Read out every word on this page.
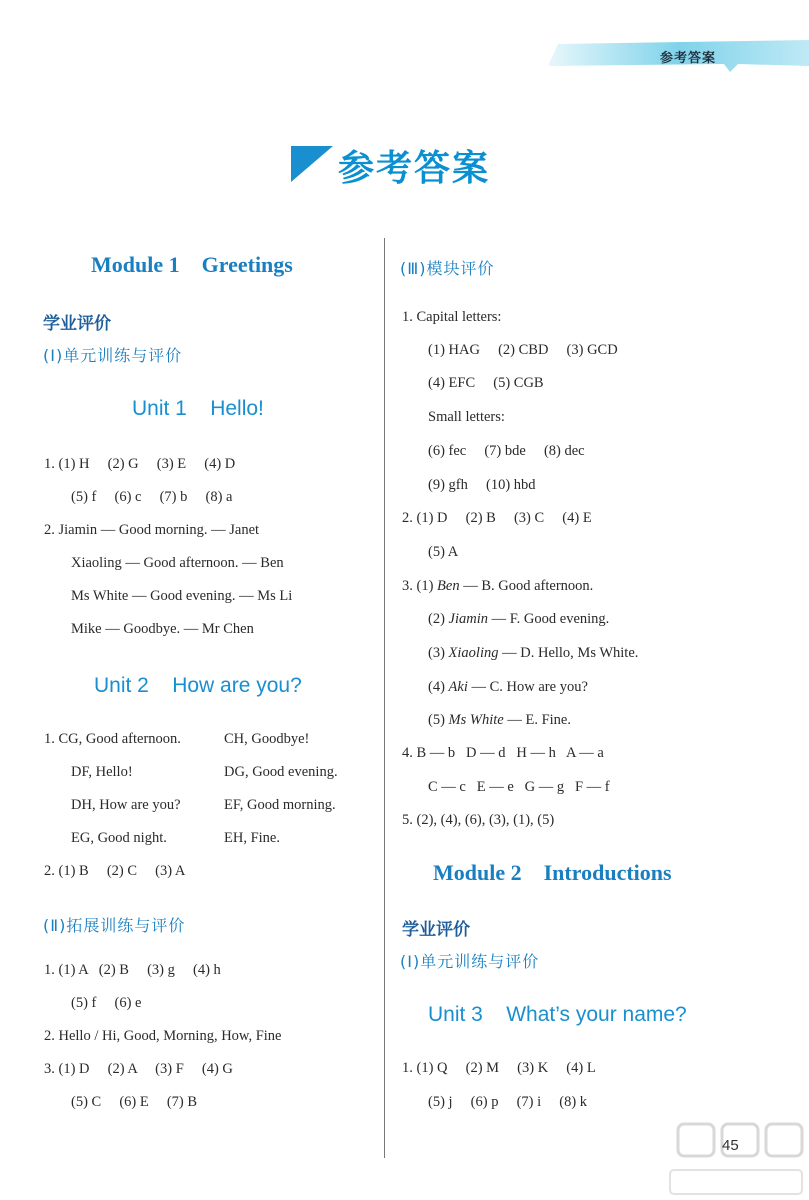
参考答案
参考答案
Module 1    Greetings
学业评价
(Ⅰ)单元训练与评价
Unit 1    Hello!
1. (1) H     (2) G     (3) E     (4) D
(5) f     (6) c     (7) b     (8) a
2. Jiamin — Good morning. — Janet
Xiaoling — Good afternoon. — Ben
Ms White — Good evening. — Ms Li
Mike — Goodbye. — Mr Chen
Unit 2    How are you?
1. CG, Good afternoon.
DF, Hello!
DH, How are you?
EG, Good night.
CH, Goodbye!
DG, Good evening.
EF, Good morning.
EH, Fine.
2. (1) B     (2) C     (3) A
(Ⅱ)拓展训练与评价
1. (1) A   (2) B     (3) g     (4) h
(5) f     (6) e
2. Hello / Hi, Good, Morning, How, Fine
3. (1) D     (2) A     (3) F     (4) G
(5) C     (6) E     (7) B
(Ⅲ)模块评价
1. Capital letters:
(1) HAG     (2) CBD     (3) GCD
(4) EFC     (5) CGB
Small letters:
(6) fec     (7) bde     (8) dec
(9) gfh     (10) hbd
2. (1) D     (2) B     (3) C     (4) E
(5) A
3. (1) Ben — B. Good afternoon.
(2) Jiamin — F. Good evening.
(3) Xiaoling — D. Hello, Ms White.
(4) Aki — C. How are you?
(5) Ms White — E. Fine.
4. B — b   D — d   H — h   A — a
C — c   E — e   G — g   F — f
5. (2), (4), (6), (3), (1), (5)
Module 2    Introductions
学业评价
(Ⅰ)单元训练与评价
Unit 3    What’s your name?
1. (1) Q     (2) M     (3) K     (4) L
(5) j     (6) p     (7) i     (8) k
45
